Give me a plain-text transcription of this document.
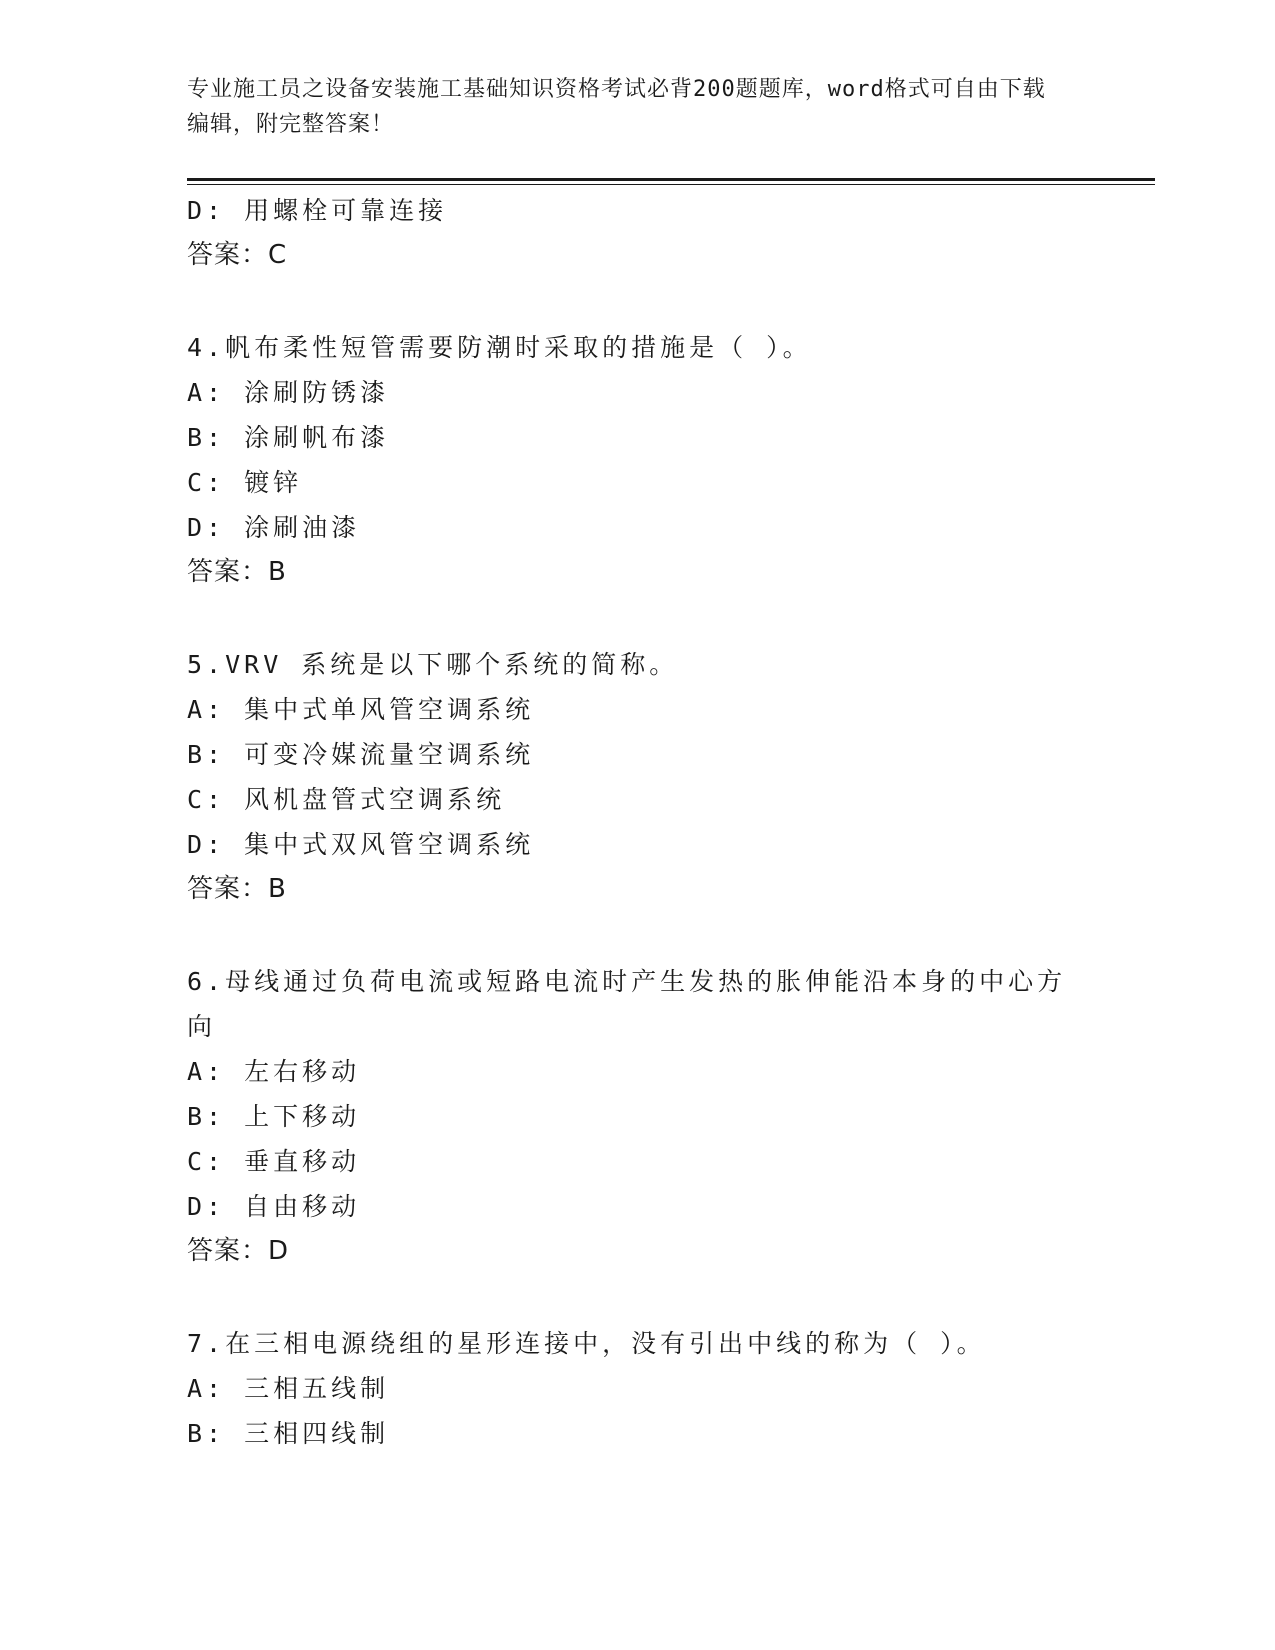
专业施工员之设备安装施工基础知识资格考试必背200题题库，word格式可自由下载编辑，附完整答案！
D: 用螺栓可靠连接
答案：C
4.帆布柔性短管需要防潮时采取的措施是（ ）。
A: 涂刷防锈漆
B: 涂刷帆布漆
C: 镀锌
D: 涂刷油漆
答案：B
5.VRV 系统是以下哪个系统的简称。
A: 集中式单风管空调系统
B: 可变冷媒流量空调系统
C: 风机盘管式空调系统
D: 集中式双风管空调系统
答案：B
6.母线通过负荷电流或短路电流时产生发热的胀伸能沿本身的中心方向
A: 左右移动
B: 上下移动
C: 垂直移动
D: 自由移动
答案：D
7.在三相电源绕组的星形连接中，没有引出中线的称为（ ）。
A: 三相五线制
B: 三相四线制
